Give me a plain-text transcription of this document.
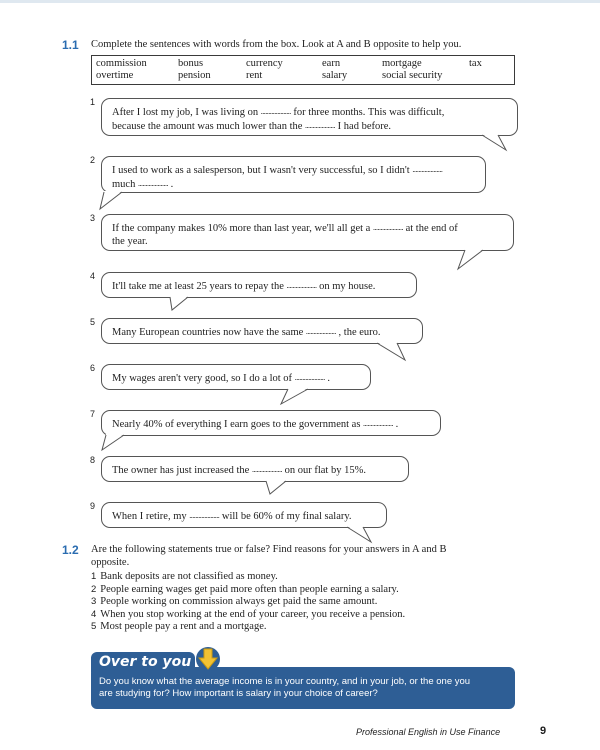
1.1 Complete the sentences with words from the box. Look at A and B opposite to help you.
commission	bonus	currency	earn	mortgage	tax
overtime	pension	rent	salary	social security
1
After I lost my job, I was living on .................... for three months. This was difficult,
because the amount was much lower than the .................... I had before.
2
I used to work as a salesperson, but I wasn't very successful, so I didn't ....................
much .................... .
3
If the company makes 10% more than last year, we'll all get a .................... at the end of
the year.
4
It'll take me at least 25 years to repay the .................... on my house.
5
Many European countries now have the same .................... , the euro.
6
My wages aren't very good, so I do a lot of .................... .
7
Nearly 40% of everything I earn goes to the government as .................... .
8
The owner has just increased the .................... on our flat by 15%.
9
When I retire, my .................... will be 60% of my final salary.
1.2 Are the following statements true or false? Find reasons for your answers in A and B
opposite.
1 Bank deposits are not classified as money.
2 People earning wages get paid more often than people earning a salary.
3 People working on commission always get paid the same amount.
4 When you stop working at the end of your career, you receive a pension.
5 Most people pay a rent and a mortgage.
Over to you
Do you know what the average income is in your country, and in your job, or the one you
are studying for? How important is salary in your choice of career?
Professional English in Use Finance	9
